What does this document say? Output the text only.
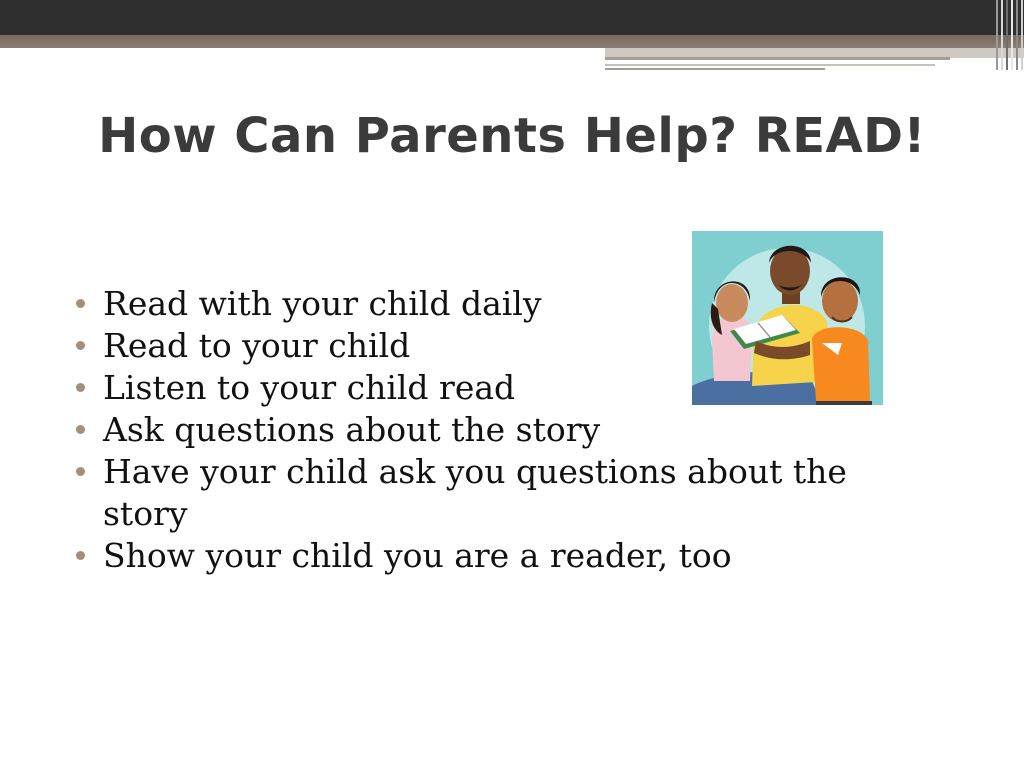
How Can Parents Help? READ!
Read with your child daily
Read to your child
Listen to your child read
Ask questions about the story
Have your child ask you questions about the story
Show your child you are a reader, too
